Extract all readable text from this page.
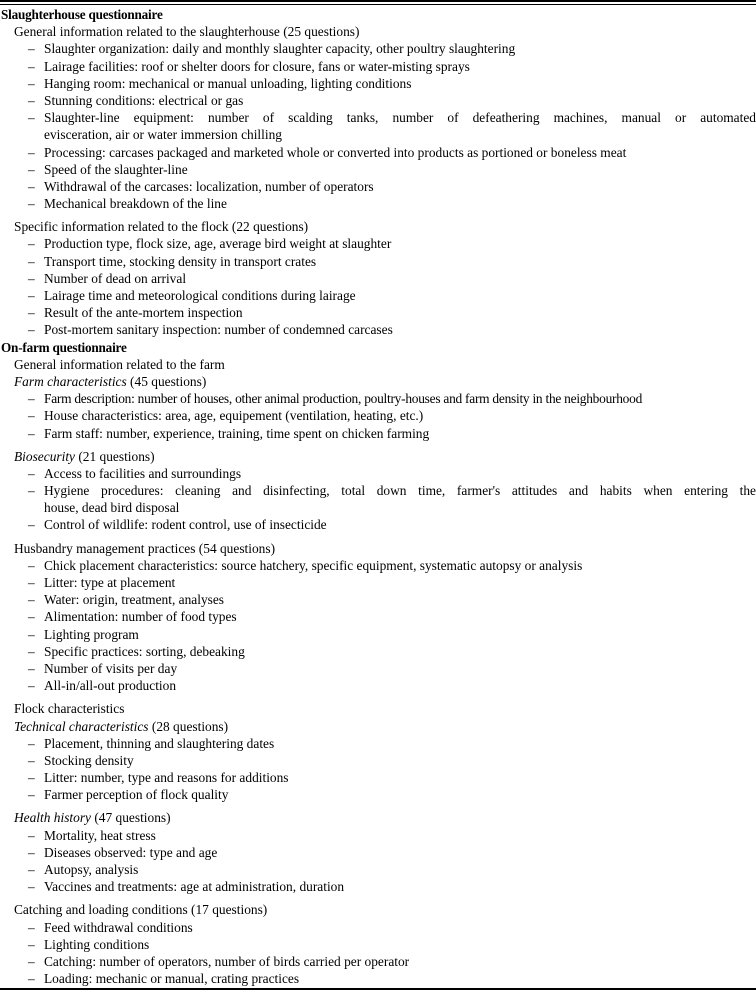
Slaughterhouse questionnaire
General information related to the slaughterhouse (25 questions)
– Slaughter organization: daily and monthly slaughter capacity, other poultry slaughtering
– Lairage facilities: roof or shelter doors for closure, fans or water-misting sprays
– Hanging room: mechanical or manual unloading, lighting conditions
– Stunning conditions: electrical or gas
– Slaughter-line equipment: number of scalding tanks, number of defeathering machines, manual or automated
evisceration, air or water immersion chilling
– Processing: carcases packaged and marketed whole or converted into products as portioned or boneless meat
– Speed of the slaughter-line
– Withdrawal of the carcases: localization, number of operators
– Mechanical breakdown of the line
Specific information related to the flock (22 questions)
– Production type, flock size, age, average bird weight at slaughter
– Transport time, stocking density in transport crates
– Number of dead on arrival
– Lairage time and meteorological conditions during lairage
– Result of the ante-mortem inspection
– Post-mortem sanitary inspection: number of condemned carcases
On-farm questionnaire
General information related to the farm
Farm characteristics (45 questions)
– Farm description: number of houses, other animal production, poultry-houses and farm density in the neighbourhood
– House characteristics: area, age, equipement (ventilation, heating, etc.)
– Farm staff: number, experience, training, time spent on chicken farming
Biosecurity (21 questions)
– Access to facilities and surroundings
– Hygiene procedures: cleaning and disinfecting, total down time, farmer's attitudes and habits when entering the
house, dead bird disposal
– Control of wildlife: rodent control, use of insecticide
Husbandry management practices (54 questions)
– Chick placement characteristics: source hatchery, specific equipment, systematic autopsy or analysis
– Litter: type at placement
– Water: origin, treatment, analyses
– Alimentation: number of food types
– Lighting program
– Specific practices: sorting, debeaking
– Number of visits per day
– All-in/all-out production
Flock characteristics
Technical characteristics (28 questions)
– Placement, thinning and slaughtering dates
– Stocking density
– Litter: number, type and reasons for additions
– Farmer perception of flock quality
Health history (47 questions)
– Mortality, heat stress
– Diseases observed: type and age
– Autopsy, analysis
– Vaccines and treatments: age at administration, duration
Catching and loading conditions (17 questions)
– Feed withdrawal conditions
– Lighting conditions
– Catching: number of operators, number of birds carried per operator
– Loading: mechanic or manual, crating practices
